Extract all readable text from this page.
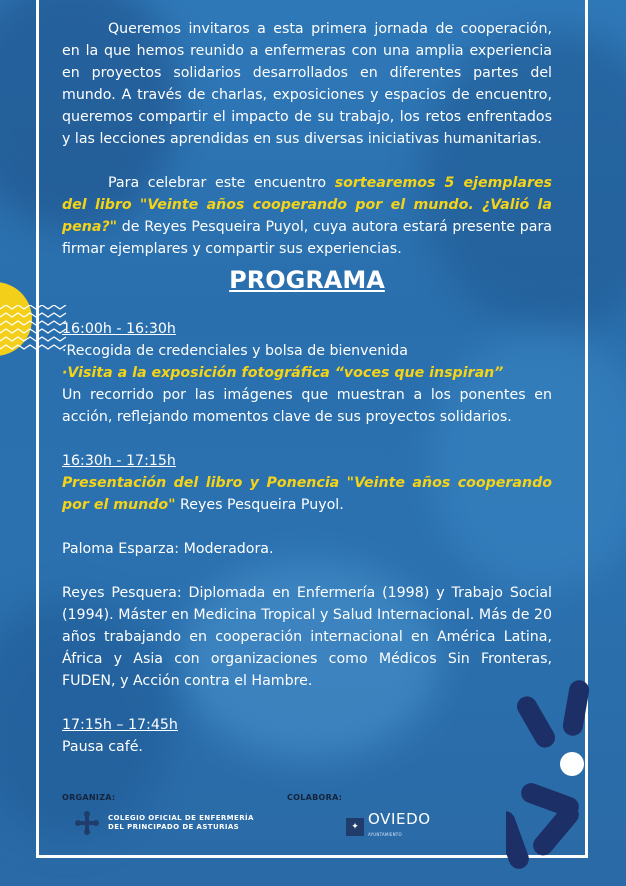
Queremos invitaros a esta primera jornada de cooperación, en la que hemos reunido a enfermeras con una amplia experiencia en proyectos solidarios desarrollados en diferentes partes del mundo. A través de charlas, exposiciones y espacios de encuentro, queremos compartir el impacto de su trabajo, los retos enfrentados y las lecciones aprendidas en sus diversas iniciativas humanitarias.

Para celebrar este encuentro sortearemos 5 ejemplares del libro "Veinte años cooperando por el mundo. ¿Valió la pena?" de Reyes Pesqueira Puyol, cuya autora estará presente para firmar ejemplares y compartir sus experiencias.

PROGRAMA

16:00h - 16:30h

·Recogida de credenciales y bolsa de bienvenida

·Visita a la exposición fotográfica “voces que inspiran”

Un recorrido por las imágenes que muestran a los ponentes en acción, reflejando momentos clave de sus proyectos solidarios.

16:30h - 17:15h

Presentación del libro y Ponencia "Veinte años cooperando por el mundo" Reyes Pesqueira Puyol.

Paloma Esparza: Moderadora.

Reyes Pesquera: Diplomada en Enfermería (1998) y Trabajo Social (1994). Máster en Medicina Tropical y Salud Internacional. Más de 20 años trabajando en cooperación internacional en América Latina, África y Asia con organizaciones como Médicos Sin Fronteras, FUDEN, y Acción contra el Hambre.

17:15h – 17:45h

Pausa café.

ORGANIZA:	COLABORA:
COLEGIO OFICIAL DE ENFERMERÍA
DEL PRINCIPADO DE ASTURIAS	✦ OVIEDO
AYUNTAMIENTO
